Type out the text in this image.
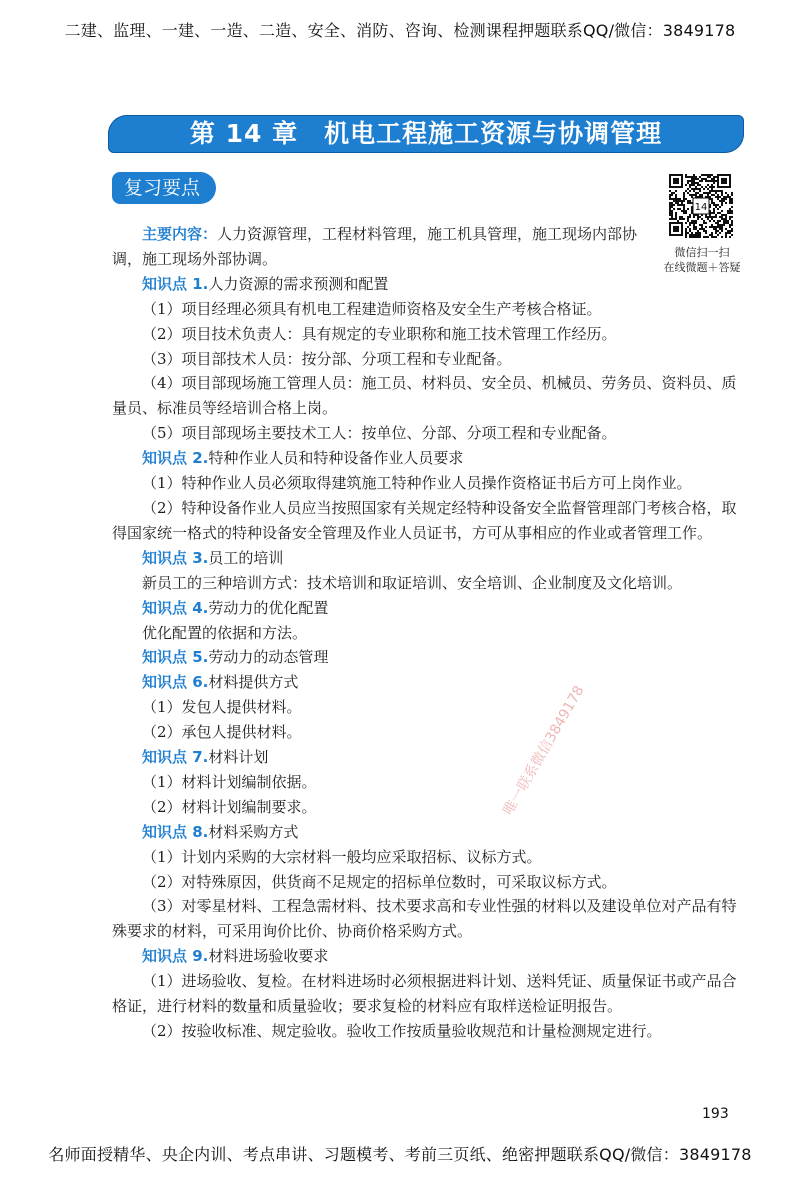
二建、监理、一建、一造、二造、安全、消防、咨询、检测课程押题联系QQ/微信：3849178
第 14 章　机电工程施工资源与协调管理
复习要点
14
微信扫一扫
在线微题＋答疑
唯一联系微信3849178

主要内容：人力资源管理，工程材料管理，施工机具管理，施工现场内部协调，施工现场外部协调。

知识点 1.人力资源的需求预测和配置

（1）项目经理必须具有机电工程建造师资格及安全生产考核合格证。

（2）项目技术负责人：具有规定的专业职称和施工技术管理工作经历。

（3）项目部技术人员：按分部、分项工程和专业配备。

（4）项目部现场施工管理人员：施工员、材料员、安全员、机械员、劳务员、资料员、质量员、标准员等经培训合格上岗。

（5）项目部现场主要技术工人：按单位、分部、分项工程和专业配备。

知识点 2.特种作业人员和特种设备作业人员要求

（1）特种作业人员必须取得建筑施工特种作业人员操作资格证书后方可上岗作业。

（2）特种设备作业人员应当按照国家有关规定经特种设备安全监督管理部门考核合格，取得国家统一格式的特种设备安全管理及作业人员证书，方可从事相应的作业或者管理工作。

知识点 3.员工的培训

新员工的三种培训方式：技术培训和取证培训、安全培训、企业制度及文化培训。

知识点 4.劳动力的优化配置

优化配置的依据和方法。

知识点 5.劳动力的动态管理

知识点 6.材料提供方式

（1）发包人提供材料。

（2）承包人提供材料。

知识点 7.材料计划

（1）材料计划编制依据。

（2）材料计划编制要求。

知识点 8.材料采购方式

（1）计划内采购的大宗材料一般均应采取招标、议标方式。

（2）对特殊原因，供货商不足规定的招标单位数时，可采取议标方式。

（3）对零星材料、工程急需材料、技术要求高和专业性强的材料以及建设单位对产品有特殊要求的材料，可采用询价比价、协商价格采购方式。

知识点 9.材料进场验收要求

（1）进场验收、复检。在材料进场时必须根据进料计划、送料凭证、质量保证书或产品合格证，进行材料的数量和质量验收；要求复检的材料应有取样送检证明报告。

（2）按验收标准、规定验收。验收工作按质量验收规范和计量检测规定进行。

193
名师面授精华、央企内训、考点串讲、习题模考、考前三页纸、绝密押题联系QQ/微信：3849178
